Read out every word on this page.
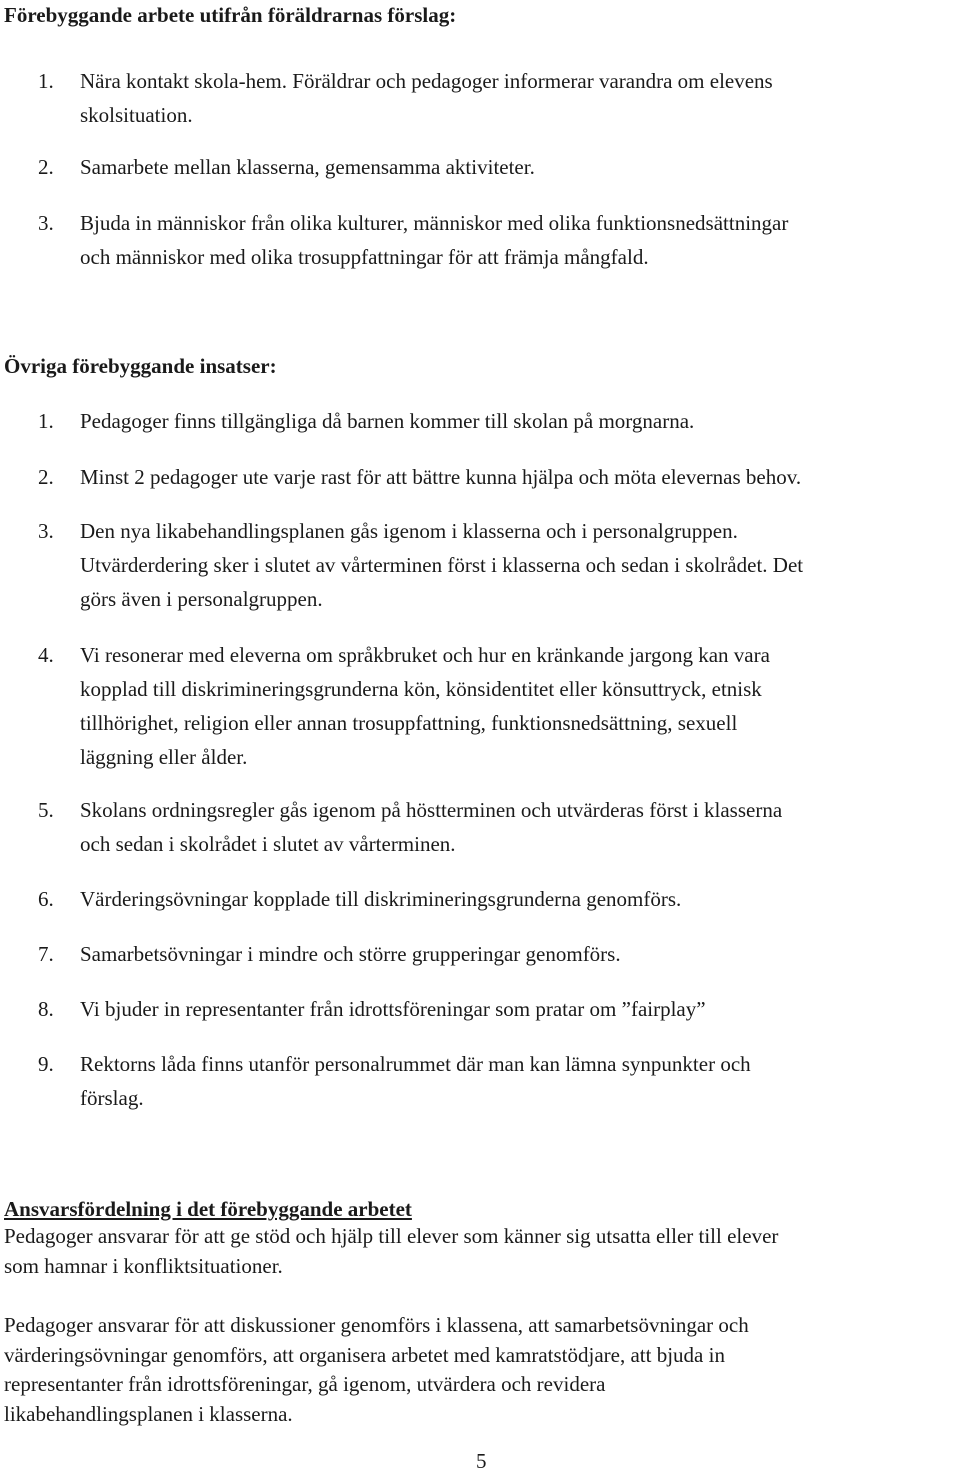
Förebyggande arbete utifrån föräldrarnas förslag:
1.	Nära kontakt skola-hem. Föräldrar och pedagoger informerar varandra om elevens
skolsituation.
2.	Samarbete mellan klasserna, gemensamma aktiviteter.
3.	Bjuda in människor från olika kulturer, människor med olika funktionsnedsättningar
och människor med olika trosuppfattningar för att främja mångfald.
Övriga förebyggande insatser:
1.	Pedagoger finns tillgängliga då barnen kommer till skolan på morgnarna.
2.	Minst 2 pedagoger ute varje rast för att bättre kunna hjälpa och möta elevernas behov.
3.	Den nya likabehandlingsplanen gås igenom i klasserna och i personalgruppen.
Utvärderdering sker i slutet av vårterminen först i klasserna och sedan i skolrådet. Det
görs även i personalgruppen.
4.	Vi resonerar med eleverna om språkbruket och hur en kränkande jargong kan vara
kopplad till diskrimineringsgrunderna kön, könsidentitet eller könsuttryck, etnisk
tillhörighet, religion eller annan trosuppfattning, funktionsnedsättning, sexuell
läggning eller ålder.
5.	Skolans ordningsregler gås igenom på höstterminen och utvärderas först i klasserna
och sedan i skolrådet i slutet av vårterminen.
6.	Värderingsövningar kopplade till diskrimineringsgrunderna genomförs.
7.	Samarbetsövningar i mindre och större grupperingar genomförs.
8.	Vi bjuder in representanter från idrottsföreningar som pratar om ”fairplay”
9.	Rektorns låda finns utanför personalrummet där man kan lämna synpunkter och
förslag.
Ansvarsfördelning i det förebyggande arbetet
Pedagoger ansvarar för att ge stöd och hjälp till elever som känner sig utsatta eller till elever
som hamnar i konfliktsituationer.
Pedagoger ansvarar för att diskussioner genomförs i klassena, att samarbetsövningar och
värderingsövningar genomförs, att organisera arbetet med kamratstödjare, att bjuda in
representanter från idrottsföreningar, gå igenom, utvärdera och revidera
likabehandlingsplanen i klasserna.
5
